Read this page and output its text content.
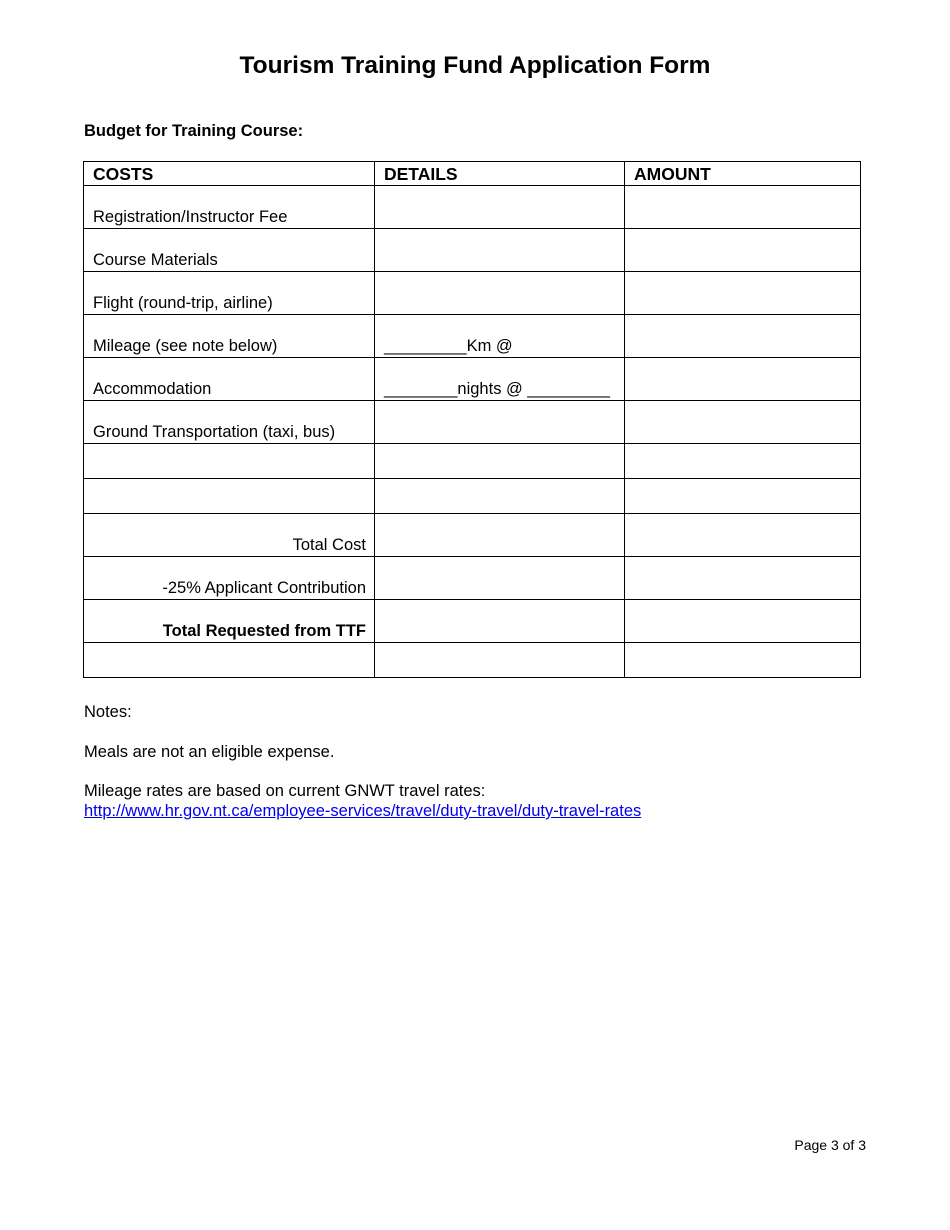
Tourism Training Fund Application Form
Budget for Training Course:
COSTS	DETAILS	AMOUNT
Registration/Instructor Fee		
Course Materials		
Flight (round-trip, airline)		
Mileage (see note below)	_________Km @	
Accommodation	________nights @ _________	
Ground Transportation (taxi, bus)		

Total Cost		
-25% Applicant Contribution		
Total Requested from TTF		

Notes:
Meals are not an eligible expense.
Mileage rates are based on current GNWT travel rates:
http://www.hr.gov.nt.ca/employee-services/travel/duty-travel/duty-travel-rates
Page 3 of 3
